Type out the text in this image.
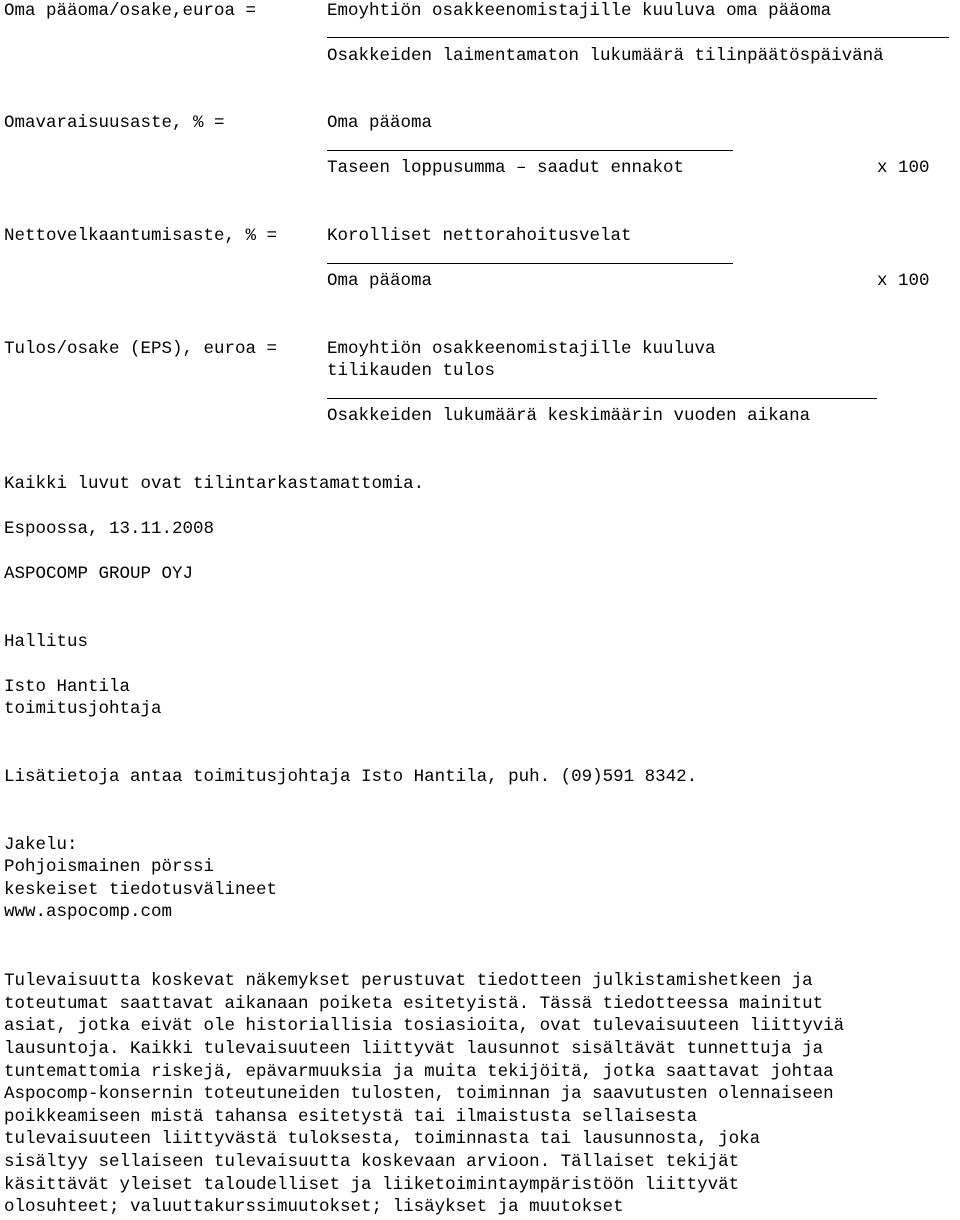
Oma pääoma/osake,euroa =	Emoyhtiön osakkeenomistajille kuuluva oma pääoma
Osakkeiden laimentamaton lukumäärä tilinpäätöspäivänä
Omavaraisuusaste, % =	Oma pääoma
Taseen loppusumma – saadut ennakot	x 100
Nettovelkaantumisaste, % =	Korolliset nettorahoitusvelat
Oma pääoma	x 100
Tulos/osake (EPS), euroa =	Emoyhtiön osakkeenomistajille kuuluva
tilikauden tulos
Osakkeiden lukumäärä keskimäärin vuoden aikana
Kaikki luvut ovat tilintarkastamattomia.
Espoossa, 13.11.2008
ASPOCOMP GROUP OYJ
Hallitus
Isto Hantila
toimitusjohtaja
Lisätietoja antaa toimitusjohtaja Isto Hantila, puh. (09)591 8342.
Jakelu:
Pohjoismainen pörssi
keskeiset tiedotusvälineet
www.aspocomp.com
Tulevaisuutta koskevat näkemykset perustuvat tiedotteen julkistamishetkeen ja
toteutumat saattavat aikanaan poiketa esitetyistä. Tässä tiedotteessa mainitut
asiat, jotka eivät ole historiallisia tosiasioita, ovat tulevaisuuteen liittyviä
lausuntoja. Kaikki tulevaisuuteen liittyvät lausunnot sisältävät tunnettuja ja
tuntemattomia riskejä, epävarmuuksia ja muita tekijöitä, jotka saattavat johtaa
Aspocomp-konsernin toteutuneiden tulosten, toiminnan ja saavutusten olennaiseen
poikkeamiseen mistä tahansa esitetystä tai ilmaistusta sellaisesta
tulevaisuuteen liittyvästä tuloksesta, toiminnasta tai lausunnosta, joka
sisältyy sellaiseen tulevaisuutta koskevaan arvioon. Tällaiset tekijät
käsittävät yleiset taloudelliset ja liiketoimintaympäristöön liittyvät
olosuhteet; valuuttakurssimuutokset; lisäykset ja muutokset
